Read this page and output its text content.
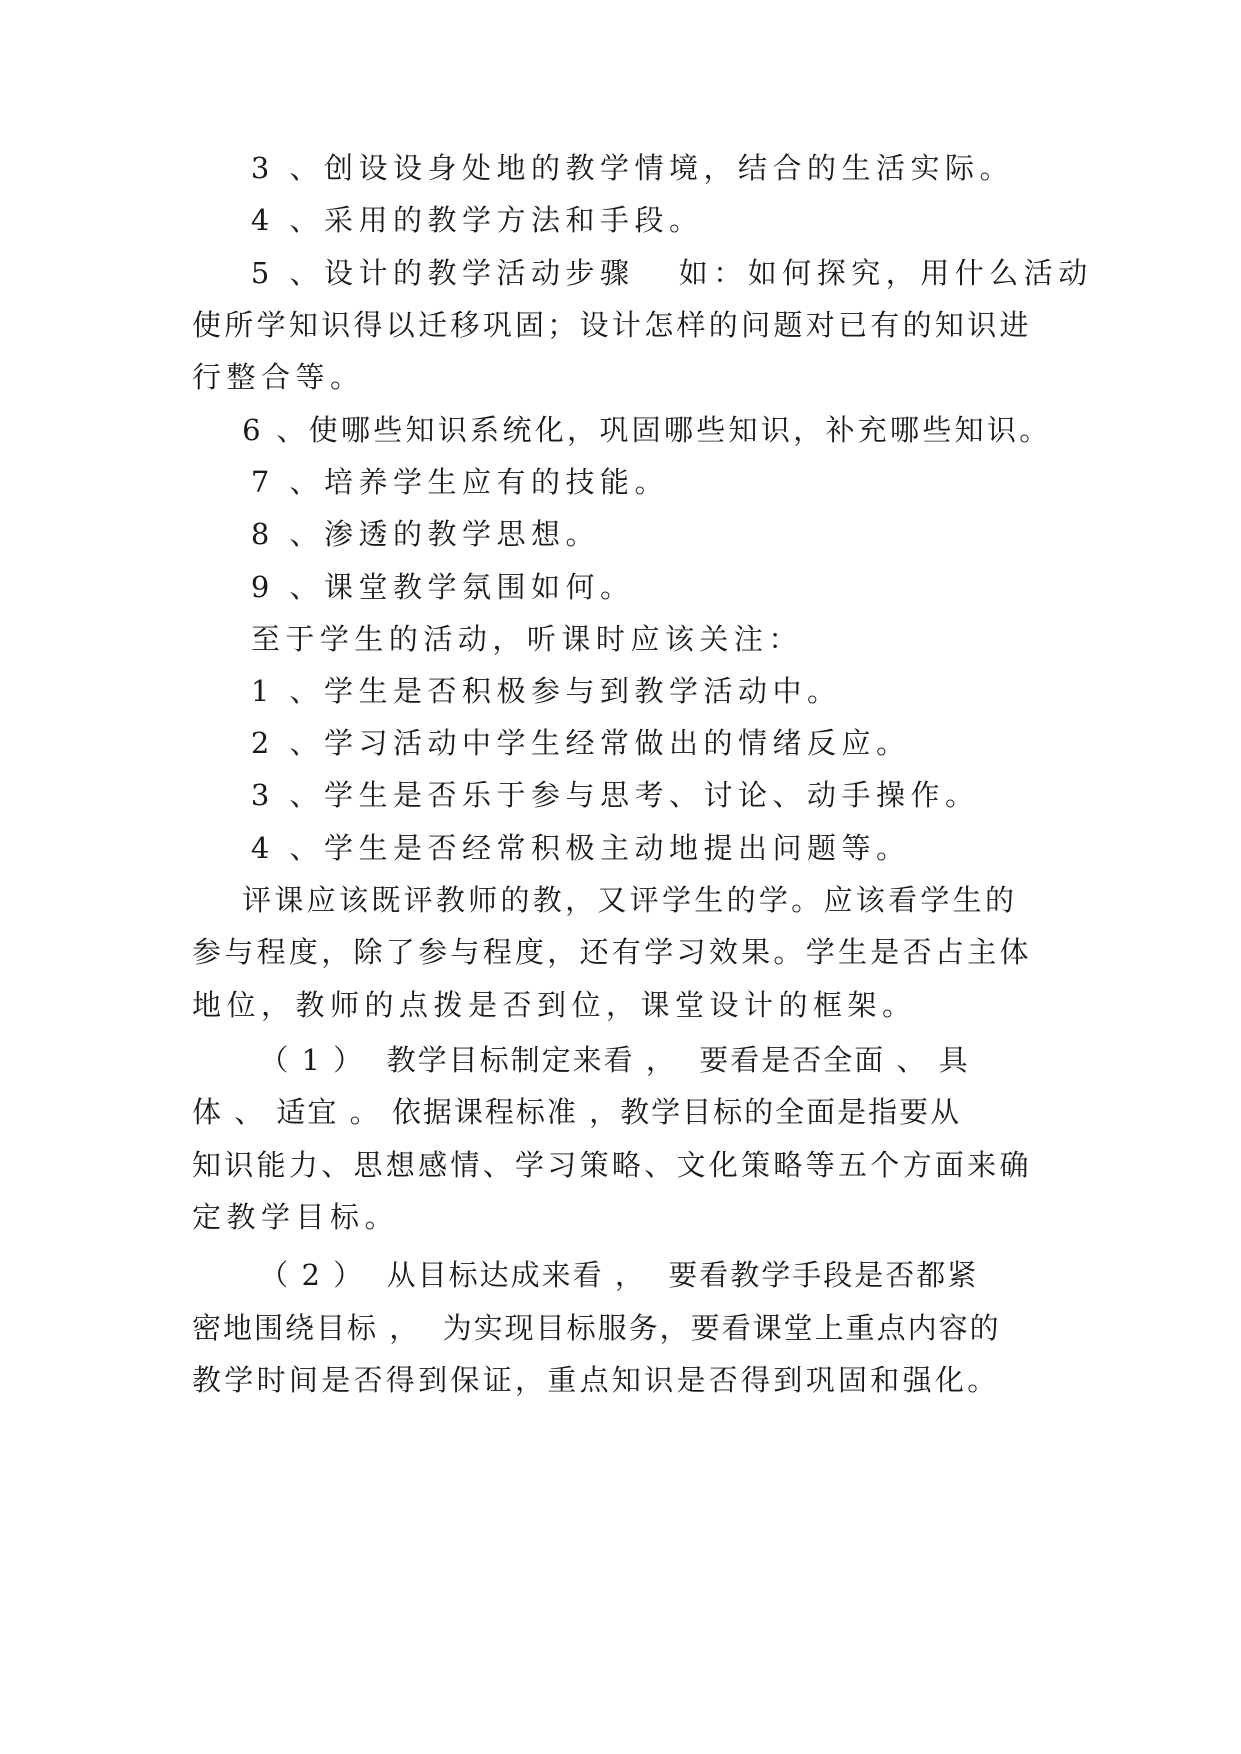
3 、创设设身处地的教学情境，结合的生活实际。
4 、采用的教学方法和手段。
5 、设计的教学活动步骤   如：如何探究，用什么活动
使所学知识得以迁移巩固；设计怎样的问题对已有的知识进
行整合等。
6 、使哪些知识系统化，巩固哪些知识，补充哪些知识。
7 、培养学生应有的技能。
8 、渗透的教学思想。
9 、课堂教学氛围如何。
至于学生的活动，听课时应该关注：
1 、学生是否积极参与到教学活动中。
2 、学习活动中学生经常做出的情绪反应。
3 、学生是否乐于参与思考、讨论、动手操作。
4 、学生是否经常积极主动地提出问题等。
评课应该既评教师的教，又评学生的学。应该看学生的
参与程度，除了参与程度，还有学习效果。学生是否占主体
地位，教师的点拨是否到位，课堂设计的框架。
（ 1 ）  教学目标制定来看 ，  要看是否全面 、 具
体 、 适宜 。 依据课程标准 ，教学目标的全面是指要从
知识能力、思想感情、学习策略、文化策略等五个方面来确
定教学目标。
（ 2 ）  从目标达成来看 ，  要看教学手段是否都紧
密地围绕目标 ，  为实现目标服务，要看课堂上重点内容的
教学时间是否得到保证，重点知识是否得到巩固和强化。
